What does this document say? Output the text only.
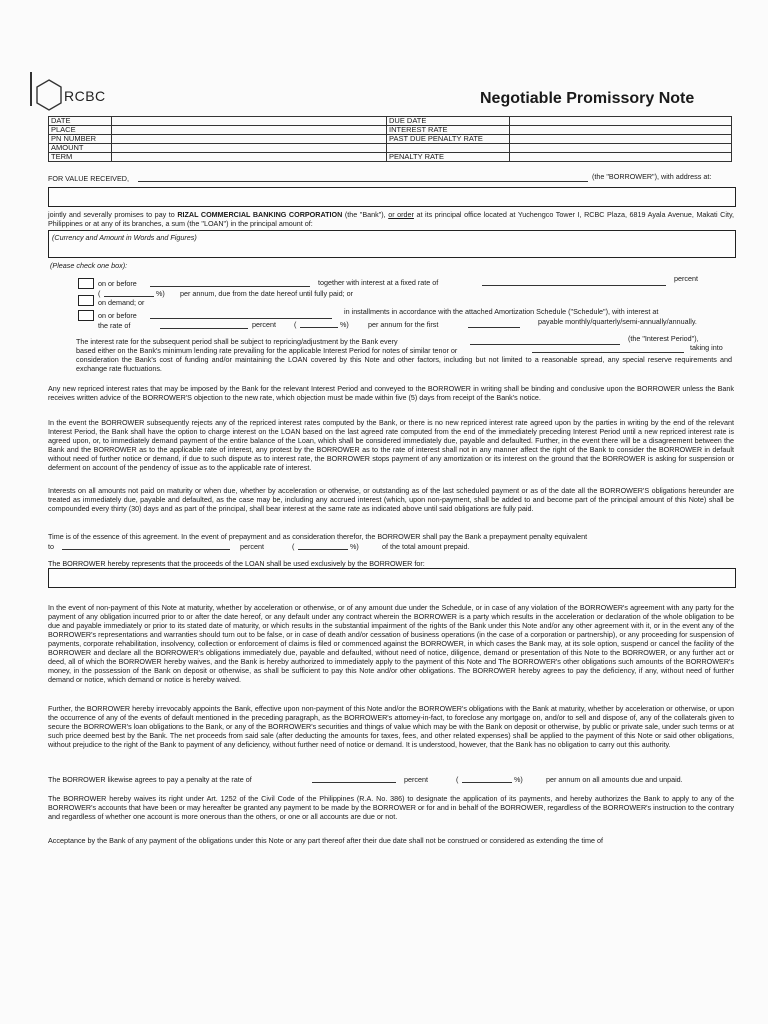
RCBC	Negotiable Promissory Note
DATE		DUE DATE	
PLACE		INTEREST RATE	
PN NUMBER		PAST DUE PENALTY RATE	
AMOUNT			
TERM		PENALTY RATE	
FOR VALUE RECEIVED,	(the "BORROWER"), with address at:
jointly and severally promises to pay to RIZAL COMMERCIAL BANKING CORPORATION (the "Bank"), or order at its principal office located at Yuchengco Tower I, RCBC Plaza, 6819 Ayala Avenue, Makati City, Philippines or at any of its branches, a sum (the "LOAN") in the principal amount of:
(Currency and Amount in Words and Figures)
(Please check one box):
on or before	together with interest at a fixed rate of	percent
(	%) per annum, due from the date hereof until fully paid; or
on demand; or
on or before	in installments in accordance with the attached Amortization Schedule ("Schedule"), with interest at
the rate of	percent	(	%)	per annum for the first	payable monthly/quarterly/semi-annually/annually.
The interest rate for the subsequent period shall be subject to repricing/adjustment by the Bank every	(the "Interest Period"),
based either on the Bank's minimum lending rate prevailing for the applicable Interest Period for notes of similar tenor or	taking into
consideration the Bank's cost of funding and/or maintaining the LOAN covered by this Note and other factors, including but not limited to a reasonable spread, any special reserve requirements and exchange rate fluctuations.
Any new repriced interest rates that may be imposed by the Bank for the relevant Interest Period and conveyed to the BORROWER in writing shall be binding and conclusive upon the BORROWER unless the Bank receives written advice of the BORROWER'S objection to the new rate, which objection must be made within five (5) days from receipt of the Bank's notice.
In the event the BORROWER subsequently rejects any of the repriced interest rates computed by the Bank, or there is no new repriced interest rate agreed upon by the parties in writing by the end of the relevant Interest Period, the Bank shall have the option to charge interest on the LOAN based on the last agreed rate computed from the end of the immediately preceding Interest Period until a new repriced interest rate is agreed upon, or, to immediately demand payment of the entire balance of the Loan, which shall be considered immediately due, payable and defaulted. Further, in the event there will be a disagreement between the Bank and the BORROWER as to the applicable rate of interest, any protest by the BORROWER as to the rate of interest shall not in any manner affect the right of the Bank to consider the BORROWER in default without need of further notice or demand, if due to such dispute as to interest rate, the BORROWER stops payment of any amortization or its interest on the ground that the BORROWER is asking for suspension or deferment on account of the pendency of issue as to the applicable rate of interest.
Interests on all amounts not paid on maturity or when due, whether by acceleration or otherwise, or outstanding as of the last scheduled payment or as of the date all the BORROWER'S obligations hereunder are treated as immediately due, payable and defaulted, as the case may be, including any accrued interest (which, upon non-payment, shall be added to and become part of the principal amount of this Note) shall be compounded every thirty (30) days and as part of the principal, shall bear interest at the same rate as indicated above until said obligations are fully paid.
Time is of the essence of this agreement. In the event of prepayment and as consideration therefor, the BORROWER shall pay the Bank a prepayment penalty equivalent
to	percent	(	%)	of the total amount prepaid.
The BORROWER hereby represents that the proceeds of the LOAN shall be used exclusively by the BORROWER for:
In the event of non-payment of this Note at maturity, whether by acceleration or otherwise, or of any amount due under the Schedule, or in case of any violation of the BORROWER's agreement with any party for the payment of any obligation incurred prior to or after the date hereof, or any default under any contract wherein the BORROWER is a party which results in the acceleration or declaration of the whole obligation to be due and payable immediately or prior to its stated date of maturity, or which results in the substantial impairment of the rights of the Bank under this Note and/or any other agreement with it, or in the event any of the BORROWER's representations and warranties should turn out to be false, or in case of death and/or cessation of business operations (in the case of a corporation or partnership), or any proceeding for suspension of payments, corporate rehabilitation, insolvency, collection or enforcement of claims is filed or commenced against the BORROWER, in which cases the Bank may, at its sole option, suspend or cancel the facility of the BORROWER and declare all the BORROWER's obligations immediately due, payable and defaulted, without need of notice, diligence, demand or presentation of this Note to the BORROWER, or any further act or deed, all of which the BORROWER hereby waives, and the Bank is hereby authorized to immediately apply to the payment of this Note and The BORROWER's other obligations such amounts of the BORROWER's money, in the possession of the Bank on deposit or otherwise, as shall be sufficient to pay this Note and/or other obligations. The BORROWER hereby agrees to pay the deficiency, if any, without need of further demand or notice, which demand or notice is hereby waived.
Further, the BORROWER hereby irrevocably appoints the Bank, effective upon non-payment of this Note and/or the BORROWER's obligations with the Bank at maturity, whether by acceleration or otherwise, or upon the occurrence of any of the events of default mentioned in the preceding paragraph, as the BORROWER's attorney-in-fact, to foreclose any mortgage on, and/or to sell and dispose of, any of the collaterals given to secure the BORROWER's loan obligations to the Bank, or any of the BORROWER's securities and things of value which may be with the Bank on deposit or otherwise, by public or private sale, under such terms or at such price deemed best by the Bank. The net proceeds from said sale (after deducting the amounts for taxes, fees, and other related expenses) shall be applied to the payment of this Note or said other obligations, without prejudice to the right of the Bank to payment of any deficiency, without further need of notice or demand. It is understood, however, that the Bank has no obligation to carry out this authority.
The BORROWER likewise agrees to pay a penalty at the rate of	percent	(	%)	per annum on all amounts due and unpaid.
The BORROWER hereby waives its right under Art. 1252 of the Civil Code of the Philippines (R.A. No. 386) to designate the application of its payments, and hereby authorizes the Bank to apply to any of the BORROWER's accounts that have been or may hereafter be granted any payment to be made by the BORROWER or for and in behalf of the BORROWER, regardless of the BORROWER's instruction to the contrary and regardless of whether one account is more onerous than the others, or one or all accounts are due or not.
Acceptance by the Bank of any payment of the obligations under this Note or any part thereof after their due date shall not be construed or considered as extending the time of
